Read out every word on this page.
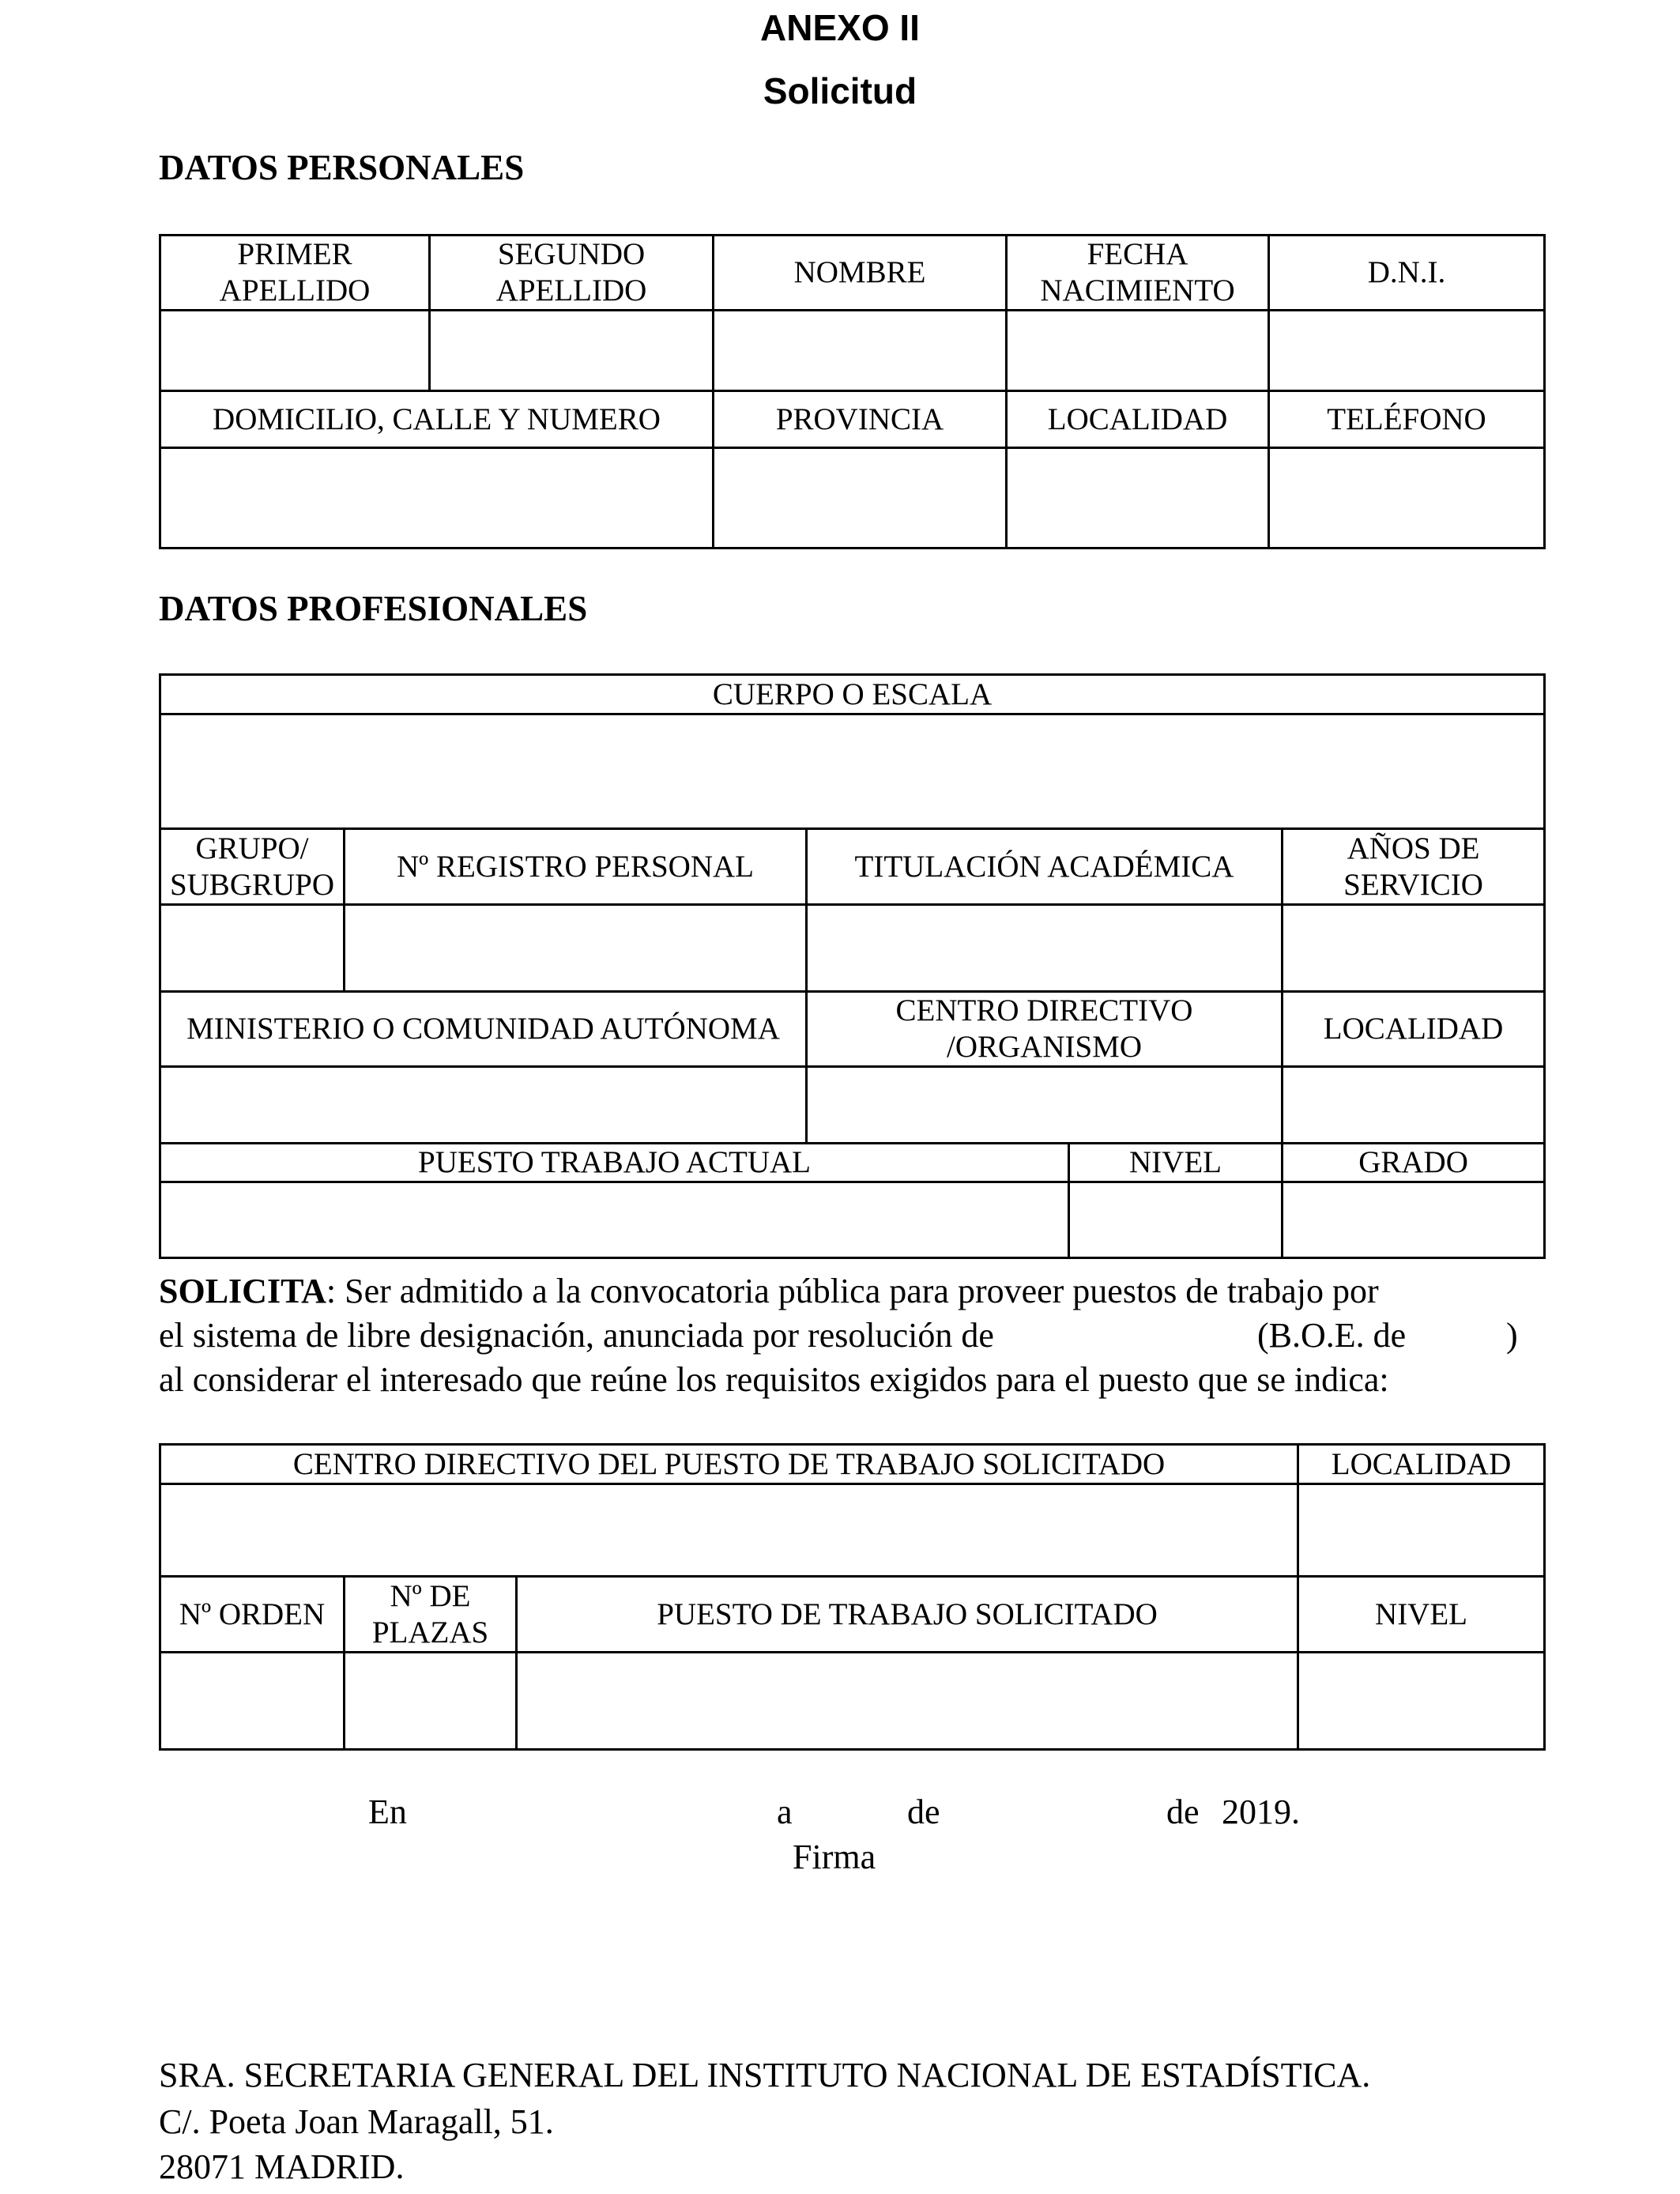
ANEXO II
Solicitud
DATOS PERSONALES
PRIMER APELLIDO	SEGUNDO APELLIDO	NOMBRE	FECHA NACIMIENTO	D.N.I.

DOMICILIO, CALLE Y NUMERO		PROVINCIA	LOCALIDAD	TELÉFONO

DATOS PROFESIONALES
CUERPO O ESCALA				

GRUPO/ SUBGRUPO	Nº REGISTRO PERSONAL	TITULACIÓN ACADÉMICA		AÑOS DE SERVICIO

MINISTERIO O COMUNIDAD AUTÓNOMA		CENTRO DIRECTIVO /ORGANISMO		LOCALIDAD

PUESTO TRABAJO ACTUAL			NIVEL	GRADO

SOLICITA: Ser admitido a la convocatoria pública para proveer puestos de trabajo por
el sistema de libre designación, anunciada por resolución de	(B.O.E. de	)
al considerar el interesado que reúne los requisitos exigidos para el puesto que se indica:
CENTRO DIRECTIVO DEL PUESTO DE TRABAJO SOLICITADO			LOCALIDAD

Nº ORDEN	Nº DE PLAZAS	PUESTO DE TRABAJO SOLICITADO	NIVEL

En	a	de	de 2019.
Firma
SRA. SECRETARIA GENERAL DEL INSTITUTO NACIONAL DE ESTADÍSTICA.
C/. Poeta Joan Maragall, 51.
28071 MADRID.
